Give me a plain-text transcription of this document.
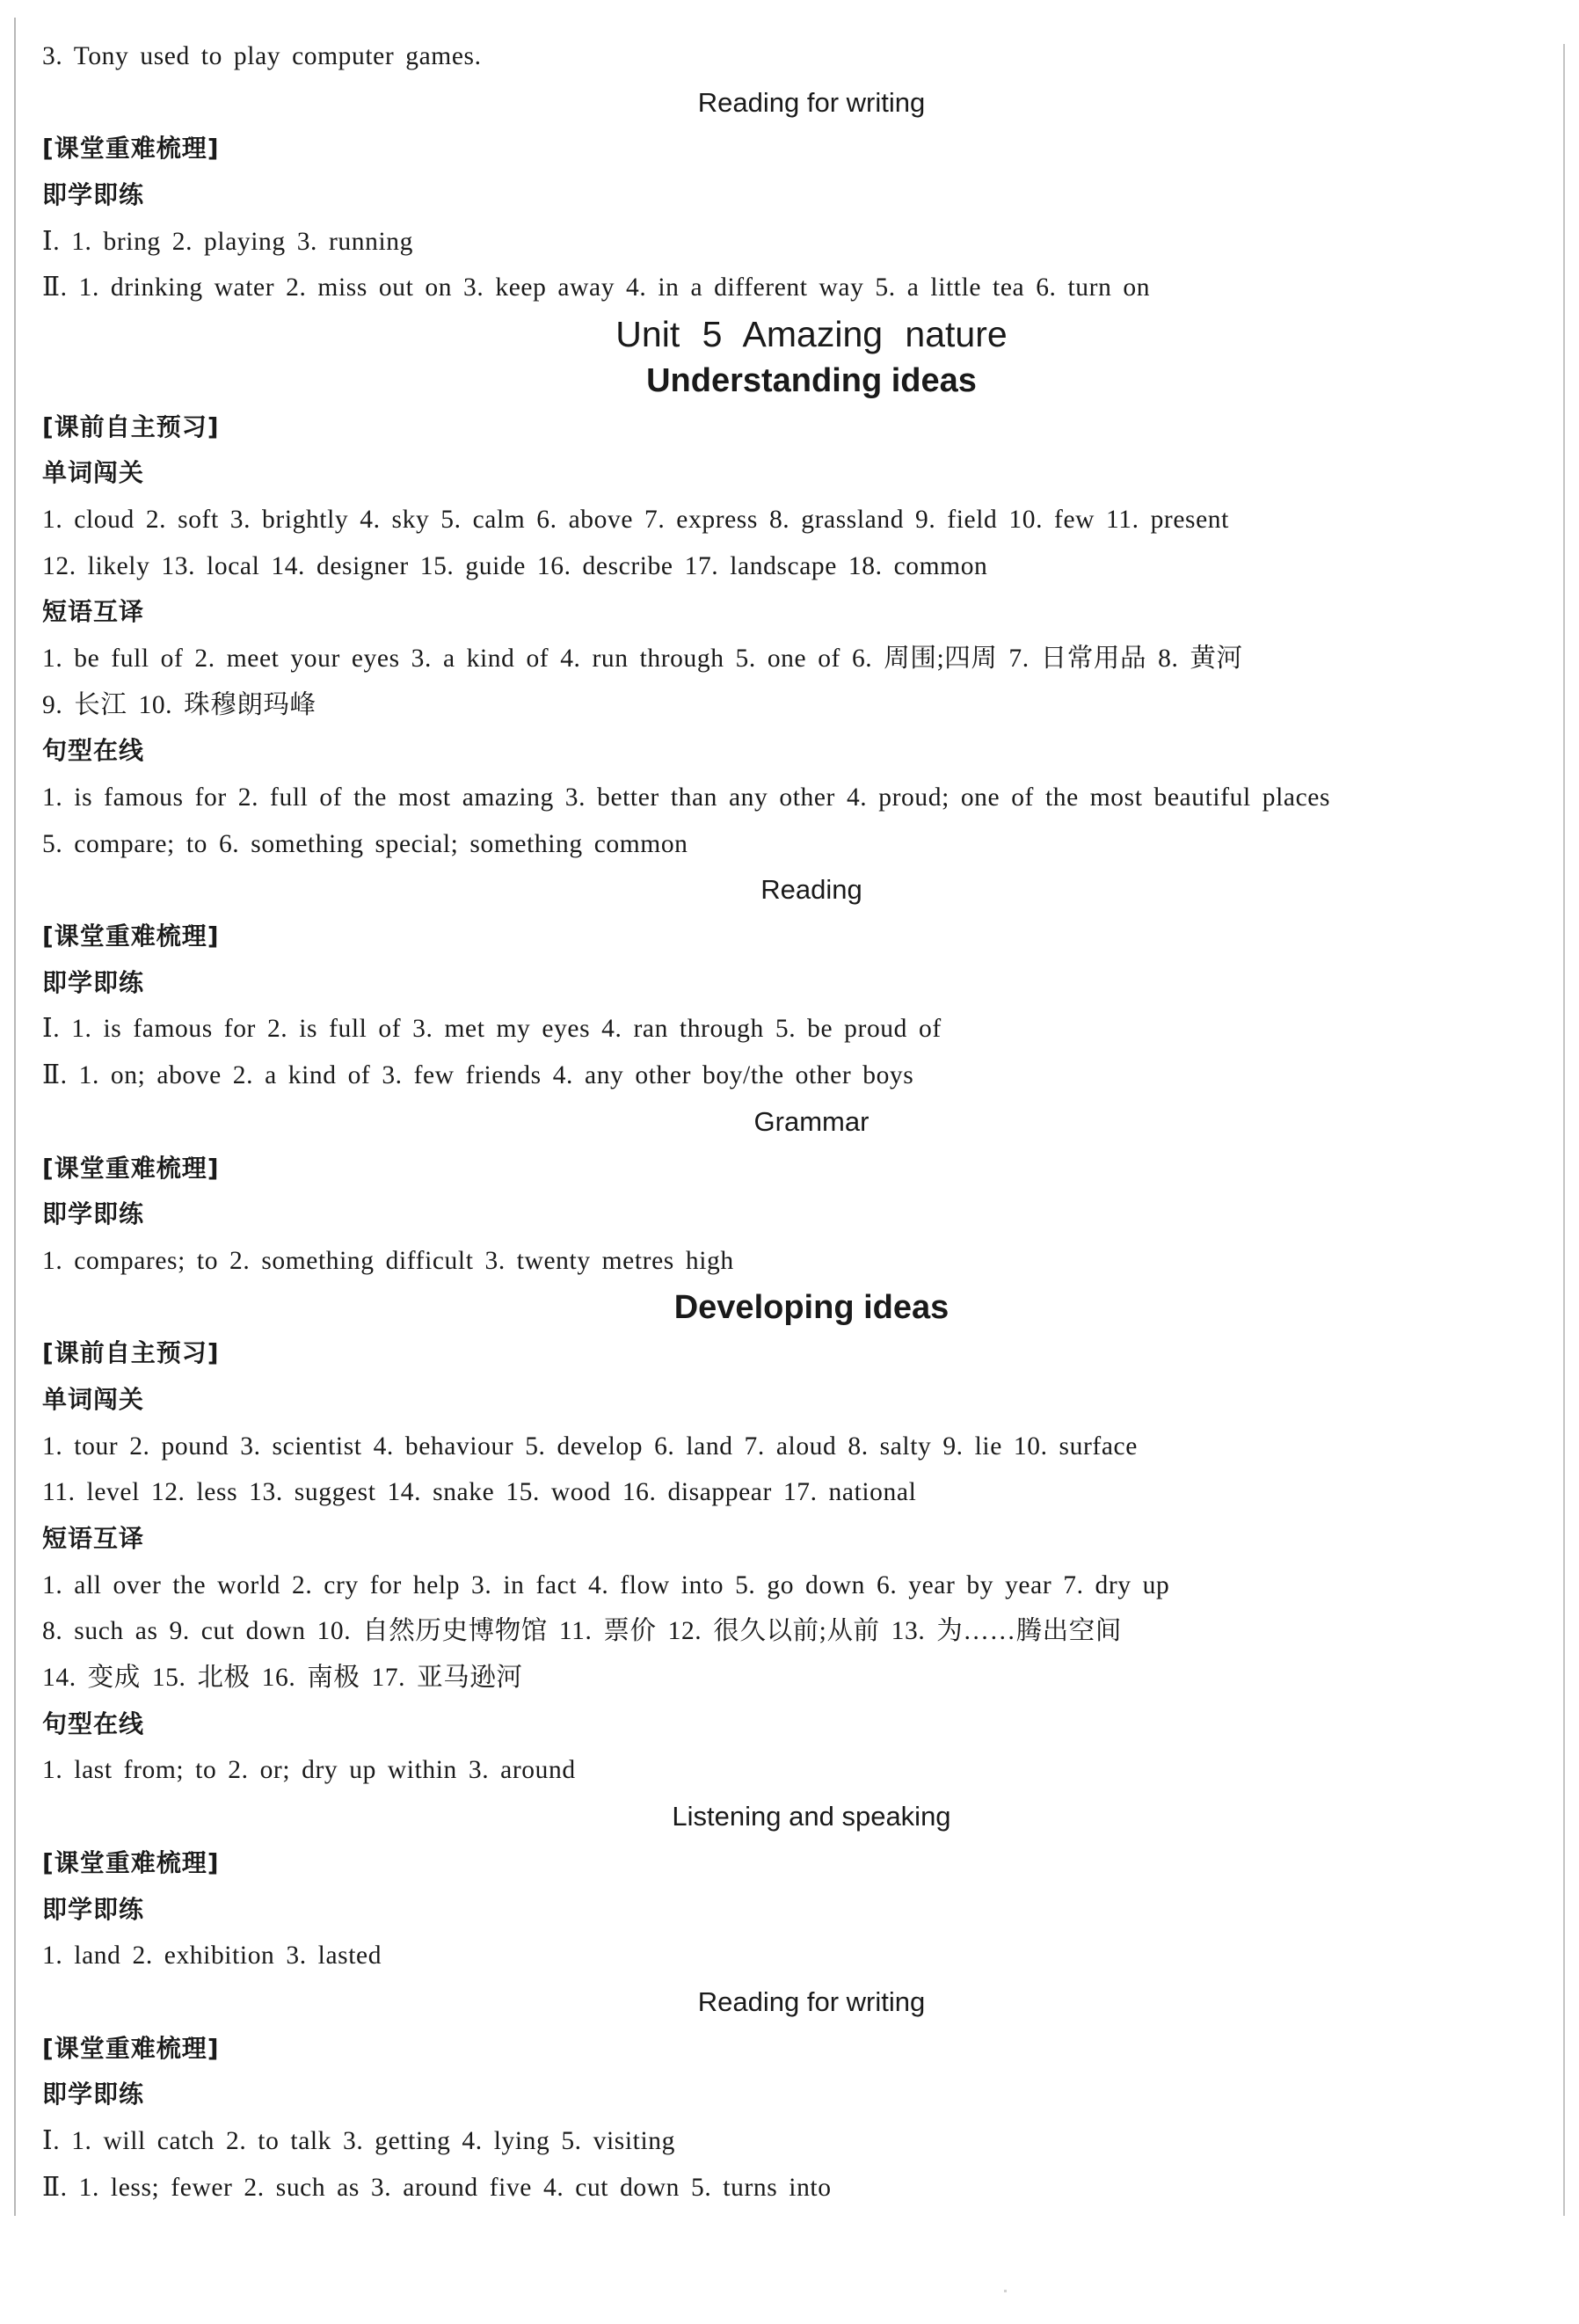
3. Tony used to play computer games.
Reading for writing
[课堂重难梳理]
即学即练
Ⅰ. 1. bring 2. playing 3. running
Ⅱ. 1. drinking water 2. miss out on 3. keep away 4. in a different way 5. a little tea 6. turn on
Unit 5 Amazing nature
Understanding ideas
[课前自主预习]
单词闯关
1. cloud 2. soft 3. brightly 4. sky 5. calm 6. above 7. express 8. grassland 9. field 10. few 11. present
12. likely 13. local 14. designer 15. guide 16. describe 17. landscape 18. common
短语互译
1. be full of 2. meet your eyes 3. a kind of 4. run through 5. one of 6. 周围;四周 7. 日常用品 8. 黄河
9. 长江 10. 珠穆朗玛峰
句型在线
1. is famous for 2. full of the most amazing 3. better than any other 4. proud; one of the most beautiful places
5. compare; to 6. something special; something common
Reading
[课堂重难梳理]
即学即练
Ⅰ. 1. is famous for 2. is full of 3. met my eyes 4. ran through 5. be proud of
Ⅱ. 1. on; above 2. a kind of 3. few friends 4. any other boy/the other boys
Grammar
[课堂重难梳理]
即学即练
1. compares; to 2. something difficult 3. twenty metres high
Developing ideas
[课前自主预习]
单词闯关
1. tour 2. pound 3. scientist 4. behaviour 5. develop 6. land 7. aloud 8. salty 9. lie 10. surface
11. level 12. less 13. suggest 14. snake 15. wood 16. disappear 17. national
短语互译
1. all over the world 2. cry for help 3. in fact 4. flow into 5. go down 6. year by year 7. dry up
8. such as 9. cut down 10. 自然历史博物馆 11. 票价 12. 很久以前;从前 13. 为……腾出空间
14. 变成 15. 北极 16. 南极 17. 亚马逊河
句型在线
1. last from; to 2. or; dry up within 3. around
Listening and speaking
[课堂重难梳理]
即学即练
1. land 2. exhibition 3. lasted
Reading for writing
[课堂重难梳理]
即学即练
Ⅰ. 1. will catch 2. to talk 3. getting 4. lying 5. visiting
Ⅱ. 1. less; fewer 2. such as 3. around five 4. cut down 5. turns into
